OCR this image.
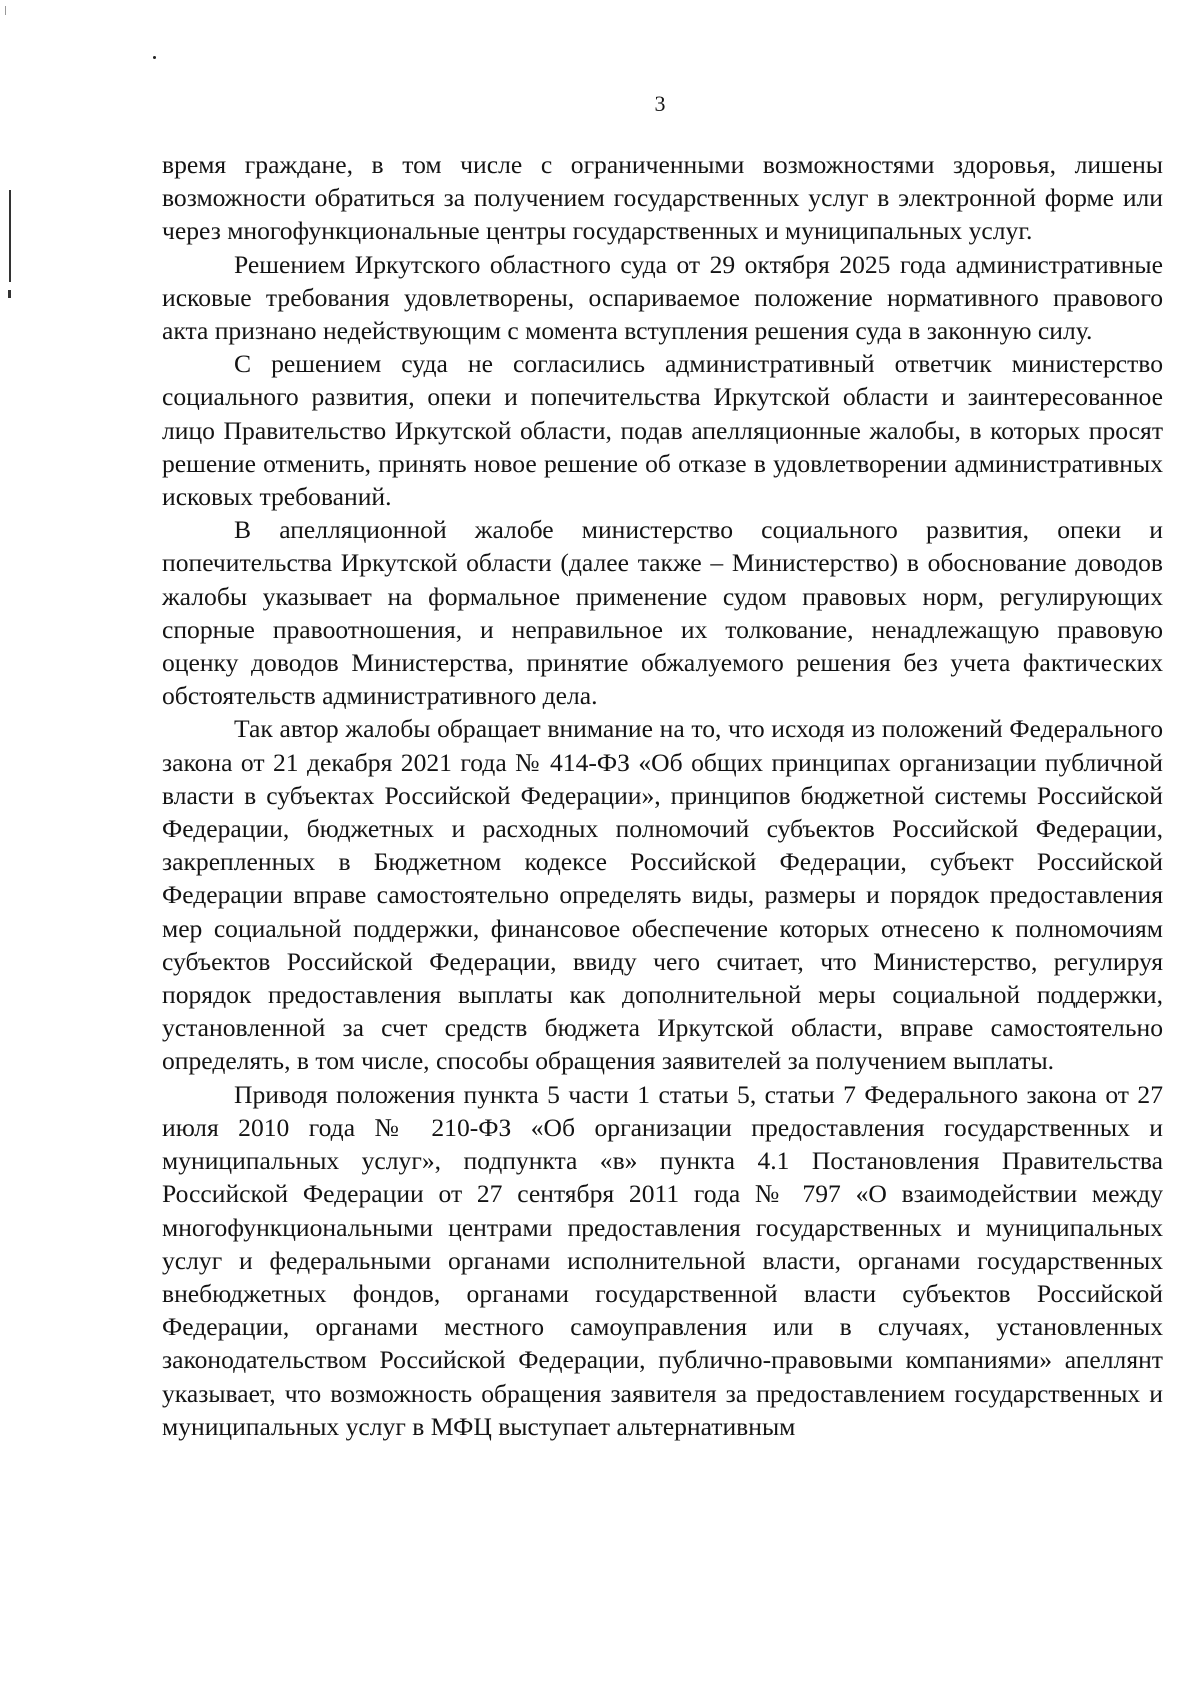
3

время граждане, в том числе с ограниченными возможностями здоровья, лишены возможности обратиться за получением государственных услуг в электронной форме или через многофункциональные центры государственных и муниципальных услуг.

Решением Иркутского областного суда от 29 октября 2025 года административные исковые требования удовлетворены, оспариваемое положение нормативного правового акта признано недействующим с момента вступления решения суда в законную силу.

С решением суда не согласились административный ответчик министерство социального развития, опеки и попечительства Иркутской области и заинтересованное лицо Правительство Иркутской области, подав апелляционные жалобы, в которых просят решение отменить, принять новое решение об отказе в удовлетворении административных исковых требований.

В апелляционной жалобе министерство социального развития, опеки и попечительства Иркутской области (далее также – Министерство) в обоснование доводов жалобы указывает на формальное применение судом правовых норм, регулирующих спорные правоотношения, и неправильное их толкование, ненадлежащую правовую оценку доводов Министерства, принятие обжалуемого решения без учета фактических обстоятельств административного дела.

Так автор жалобы обращает внимание на то, что исходя из положений Федерального закона от 21 декабря 2021 года № 414-ФЗ «Об общих принципах организации публичной власти в субъектах Российской Федерации», принципов бюджетной системы Российской Федерации, бюджетных и расходных полномочий субъектов Российской Федерации, закрепленных в Бюджетном кодексе Российской Федерации, субъект Российской Федерации вправе самостоятельно определять виды, размеры и порядок предоставления мер социальной поддержки, финансовое обеспечение которых отнесено к полномочиям субъектов Российской Федерации, ввиду чего считает, что Министерство, регулируя порядок предоставления выплаты как дополнительной меры социальной поддержки, установленной за счет средств бюджета Иркутской области, вправе самостоятельно определять, в том числе, способы обращения заявителей за получением выплаты.

Приводя положения пункта 5 части 1 статьи 5, статьи 7 Федерального закона от 27 июля 2010 года № 210-ФЗ «Об организации предоставления государственных и муниципальных услуг», подпункта «в» пункта 4.1 Постановления Правительства Российской Федерации от 27 сентября 2011 года № 797 «О взаимодействии между многофункциональными центрами предоставления государственных и муниципальных услуг и федеральными органами исполнительной власти, органами государственных внебюджетных фондов, органами государственной власти субъектов Российской Федерации, органами местного самоуправления или в случаях, установленных законодательством Российской Федерации, публично-правовыми компаниями» апеллянт указывает, что возможность обращения заявителя за предоставлением государственных и муниципальных услуг в МФЦ выступает альтернативным
